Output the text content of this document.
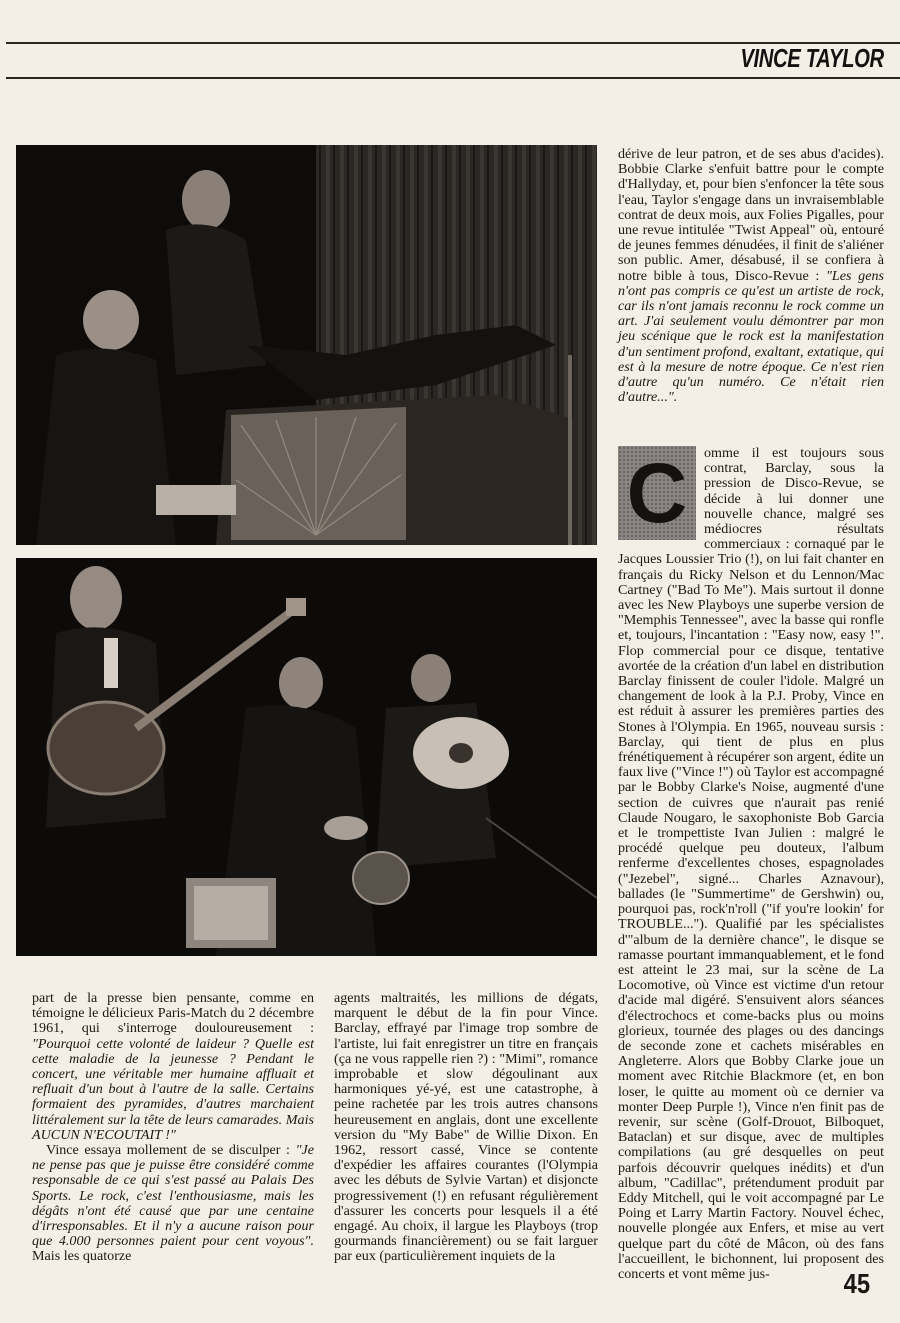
VINCE TAYLOR

dérive de leur patron, et de ses abus d'acides). Bobbie Clarke s'enfuit battre pour le compte d'Hallyday, et, pour bien s'enfoncer la tête sous l'eau, Taylor s'engage dans un invraisemblable contrat de deux mois, aux Folies Pigalles, pour une revue intitulée "Twist Appeal" où, entouré de jeunes femmes dénudées, il finit de s'aliéner son public. Amer, désabusé, il se confiera à notre bible à tous, Disco-Revue : "Les gens n'ont pas compris ce qu'est un artiste de rock, car ils n'ont jamais reconnu le rock comme un art. J'ai seulement voulu démontrer par mon jeu scénique que le rock est la manifestation d'un sentiment profond, exaltant, extatique, qui est à la mesure de notre époque. Ce n'est rien d'autre qu'un numéro. Ce n'était rien d'autre...".

C	omme il est toujours sous contrat, Barclay, sous la pression de Disco-Revue, se décide à lui donner une nouvelle chance, malgré ses médiocres résultats commerciaux : cornaqué par le Jacques Loussier Trio (!), on lui fait chanter en français du Ricky Nelson et du Lennon/Mac Cartney ("Bad To Me"). Mais surtout il donne avec les New Playboys une superbe version de "Memphis Tennessee", avec la basse qui ronfle et, toujours, l'incantation : "Easy now, easy !". Flop commercial pour ce disque, tentative avortée de la création d'un label en distribution Barclay finissent de couler l'idole. Malgré un changement de look à la P.J. Proby, Vince en est réduit à assurer les premières parties des Stones à l'Olympia. En 1965, nouveau sursis : Barclay, qui tient de plus en plus frénétiquement à récupérer son argent, édite un faux live ("Vince !") où Taylor est accompagné par le Bobby Clarke's Noise, augmenté d'une section de cuivres que n'aurait pas renié Claude Nougaro, le saxophoniste Bob Garcia et le trompettiste Ivan Julien : malgré le procédé quelque peu douteux, l'album renferme d'excellentes choses, espagnolades ("Jezebel", signé... Charles Aznavour), ballades (le "Summertime" de Gershwin) ou, pourquoi pas, rock'n'roll ("if you're lookin' for TROUBLE..."). Qualifié par les spécialistes d'"album de la dernière chance", le disque se ramasse pourtant immanquablement, et le fond est atteint le 23 mai, sur la scène de La Locomotive, où Vince est victime d'un retour d'acide mal digéré. S'ensuivent alors séances d'électrochocs et come-backs plus ou moins glorieux, tournée des plages ou des dancings de seconde zone et cachets misérables en Angleterre. Alors que Bobby Clarke joue un moment avec Ritchie Blackmore (et, en bon loser, le quitte au moment où ce dernier va monter Deep Purple !), Vince n'en finit pas de revenir, sur scène (Golf-Drouot, Bilboquet, Bataclan) et sur disque, avec de multiples compilations (au gré desquelles on peut parfois découvrir quelques inédits) et d'un album, "Cadillac", prétendument produit par Eddy Mitchell, qui le voit accompagné par Le Poing et Larry Martin Factory. Nouvel échec, nouvelle plongée aux Enfers, et mise au vert quelque part du côté de Mâcon, où des fans l'accueillent, le bichonnent, lui proposent des concerts et vont même jus-

part de la presse bien pensante, comme en témoigne le délicieux Paris-Match du 2 décembre 1961, qui s'interroge douloureusement : "Pourquoi cette volonté de laideur ? Quelle est cette maladie de la jeunesse ? Pendant le concert, une véritable mer humaine affluait et refluait d'un bout à l'autre de la salle. Certains formaient des pyramides, d'autres marchaient littéralement sur la tête de leurs camarades. Mais AUCUN N'ECOUTAIT !"

Vince essaya mollement de se disculper : "Je ne pense pas que je puisse être considéré comme responsable de ce qui s'est passé au Palais Des Sports. Le rock, c'est l'enthousiasme, mais les dégâts n'ont été causé que par une centaine d'irresponsables. Et il n'y a aucune raison pour que 4.000 personnes paient pour cent voyous". Mais les quatorze

agents maltraités, les millions de dégats, marquent le début de la fin pour Vince. Barclay, effrayé par l'image trop sombre de l'artiste, lui fait enregistrer un titre en français (ça ne vous rappelle rien ?) : "Mimi", romance improbable et slow dégoulinant aux harmoniques yé-yé, est une catastrophe, à peine rachetée par les trois autres chansons heureusement en anglais, dont une excellente version du "My Babe" de Willie Dixon. En 1962, ressort cassé, Vince se contente d'expédier les affaires courantes (l'Olympia avec les débuts de Sylvie Vartan) et disjoncte progressivement (!) en refusant régulièrement d'assurer les concerts pour lesquels il a été engagé. Au choix, il largue les Playboys (trop gourmands financièrement) ou se fait larguer par eux (particulièrement inquiets de la

45
